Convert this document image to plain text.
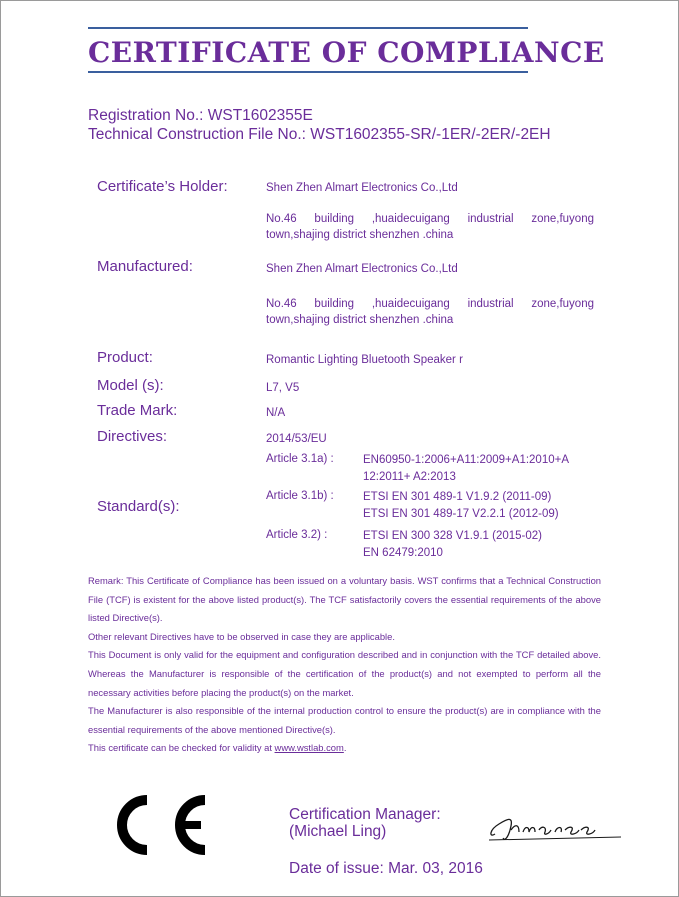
CERTIFICATE OF COMPLIANCE
Registration No.: WST1602355E
Technical Construction File No.: WST1602355-SR/-1ER/-2ER/-2EH
Certificate’s Holder:	Shen Zhen Almart Electronics Co.,Ltd
No.46 building ,huaidecuigang industrial zone,fuyong town,shajing district shenzhen .china
Manufactured:	Shen Zhen Almart Electronics Co.,Ltd
No.46 building ,huaidecuigang industrial zone,fuyong town,shajing district shenzhen .china
Product:	Romantic Lighting Bluetooth Speaker r
Model (s):	L7, V5
Trade Mark:	N/A
Directives:	2014/53/EU
Standard(s):
Article 3.1a) :	EN60950-1:2006+A11:2009+A1:2010+A
12:2011+ A2:2013
Article 3.1b) :	ETSI EN 301 489-1 V1.9.2 (2011-09)
ETSI EN 301 489-17 V2.2.1 (2012-09)
Article 3.2) :	ETSI EN 300 328 V1.9.1 (2015-02)
EN 62479:2010

Remark: This Certificate of Compliance has been issued on a voluntary basis. WST confirms that a Technical Construction File (TCF) is existent for the above listed product(s). The TCF satisfactorily covers the essential requirements of the above listed Directive(s).

Other relevant Directives have to be observed in case they are applicable.

This Document is only valid for the equipment and configuration described and in conjunction with the TCF detailed above. Whereas the Manufacturer is responsible of the certification of the product(s) and not exempted to perform all the necessary activities before placing the product(s) on the market.

The Manufacturer is also responsible of the internal production control to ensure the product(s) are in compliance with the essential requirements of the above mentioned Directive(s).

This certificate can be checked for validity at www.wstlab.com.

Certification Manager:
(Michael Ling)
Date of issue: Mar. 03, 2016
